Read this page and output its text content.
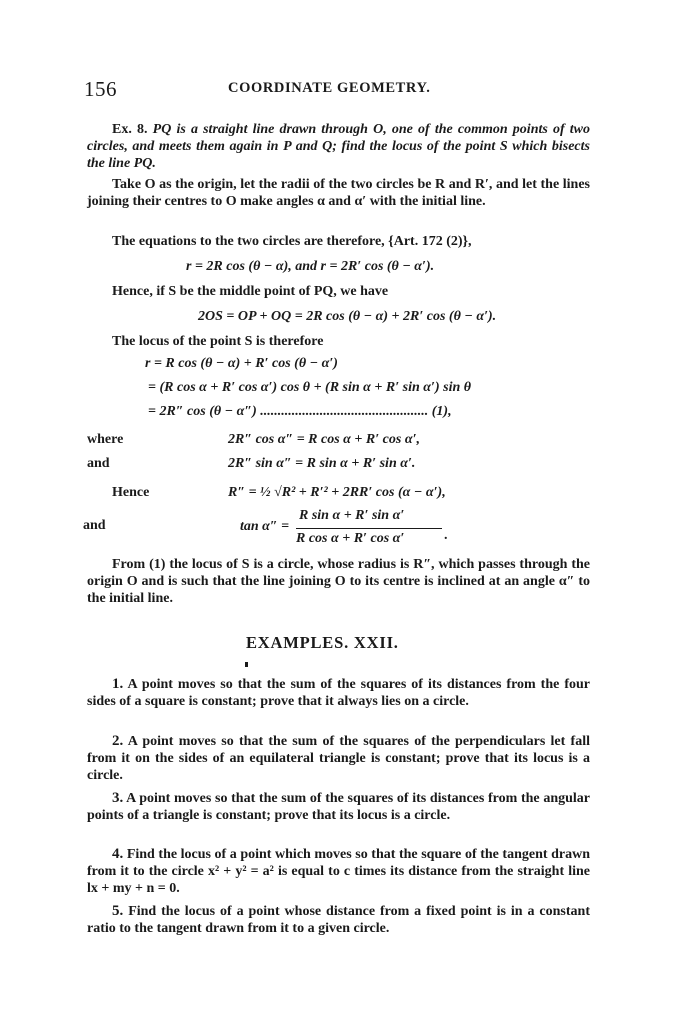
156	COORDINATE GEOMETRY.
Ex. 8. PQ is a straight line drawn through O, one of the common points of two circles, and meets them again in P and Q; find the locus of the point S which bisects the line PQ.
Take O as the origin, let the radii of the two circles be R and R′, and let the lines joining their centres to O make angles α and α′ with the initial line.
The equations to the two circles are therefore, {Art. 172 (2)},
r = 2R cos (θ − α), and r = 2R′ cos (θ − α′).
Hence, if S be the middle point of PQ, we have
2OS = OP + OQ = 2R cos (θ − α) + 2R′ cos (θ − α′).
The locus of the point S is therefore
r = R cos (θ − α) + R′ cos (θ − α′)
= (R cos α + R′ cos α′) cos θ + (R sin α + R′ sin α′) sin θ
= 2R″ cos (θ − α″) ................................................ (1),
where	2R″ cos α″ = R cos α + R′ cos α′,
and	2R″ sin α″ = R sin α + R′ sin α′.
Hence	R″ = ½ √R² + R′² + 2RR′ cos (α − α′),
and	tan α″ =
R sin α + R′ sin α′
R cos α + R′ cos α′	.
From (1) the locus of S is a circle, whose radius is R″, which passes through the origin O and is such that the line joining O to its centre is inclined at an angle α″ to the initial line.
EXAMPLES. XXII.
1. A point moves so that the sum of the squares of its distances from the four sides of a square is constant; prove that it always lies on a circle.
2. A point moves so that the sum of the squares of the perpendiculars let fall from it on the sides of an equilateral triangle is constant; prove that its locus is a circle.
3. A point moves so that the sum of the squares of its distances from the angular points of a triangle is constant; prove that its locus is a circle.
4. Find the locus of a point which moves so that the square of the tangent drawn from it to the circle x² + y² = a² is equal to c times its distance from the straight line lx + my + n = 0.
5. Find the locus of a point whose distance from a fixed point is in a constant ratio to the tangent drawn from it to a given circle.
